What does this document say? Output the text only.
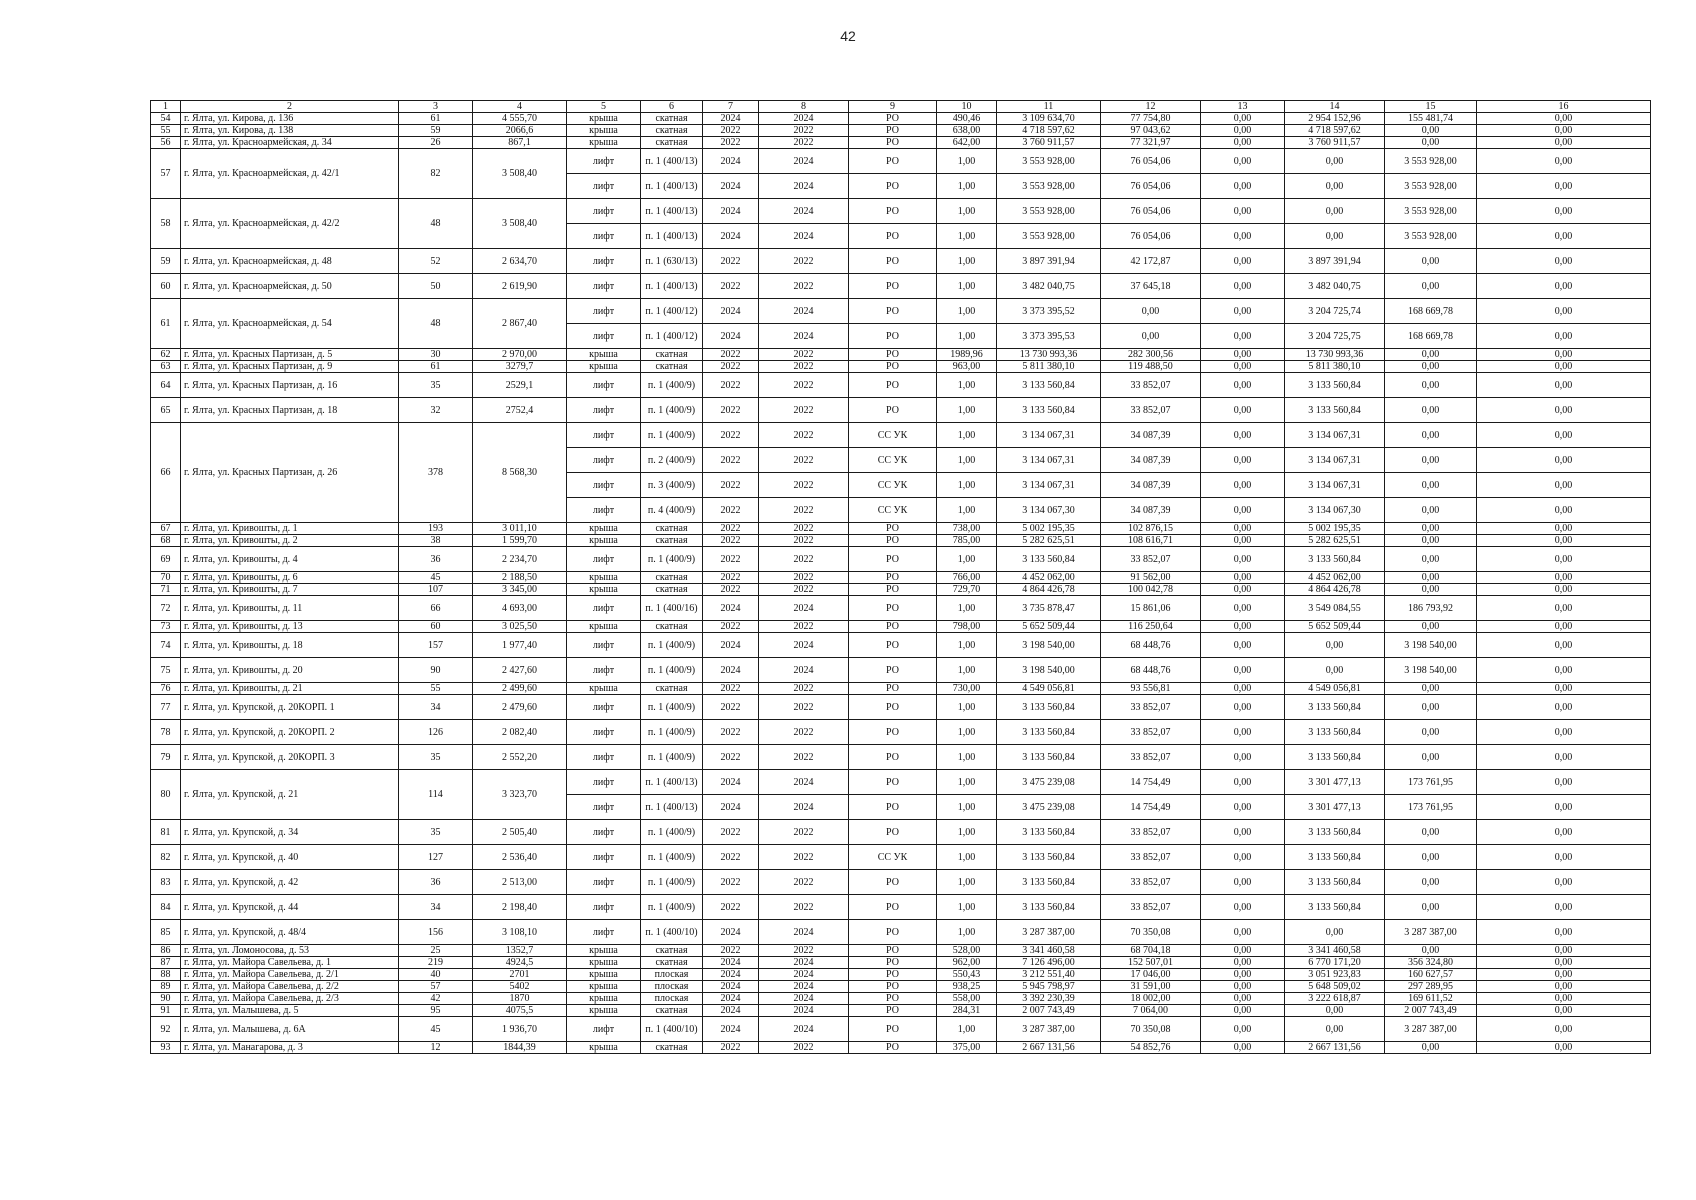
42
1	2	3	4	5	6	7	8	9	10	11	12	13	14	15	16
54	г. Ялта, ул. Кирова, д. 136	61	4 555,70	крыша	скатная	2024	2024	РО	490,46	3 109 634,70	77 754,80	0,00	2 954 152,96	155 481,74	0,00
55	г. Ялта, ул. Кирова, д. 138	59	2066,6	крыша	скатная	2022	2022	РО	638,00	4 718 597,62	97 043,62	0,00	4 718 597,62	0,00	0,00
56	г. Ялта, ул. Красноармейская, д. 34	26	867,1	крыша	скатная	2022	2022	РО	642,00	3 760 911,57	77 321,97	0,00	3 760 911,57	0,00	0,00
57	г. Ялта, ул. Красноармейская, д. 42/1	82	3 508,40	лифт	п. 1 (400/13)	2024	2024	РО	1,00	3 553 928,00	76 054,06	0,00	0,00	3 553 928,00	0,00
				лифт	п. 1 (400/13)	2024	2024	РО	1,00	3 553 928,00	76 054,06	0,00	0,00	3 553 928,00	0,00
58	г. Ялта, ул. Красноармейская, д. 42/2	48	3 508,40	лифт	п. 1 (400/13)	2024	2024	РО	1,00	3 553 928,00	76 054,06	0,00	0,00	3 553 928,00	0,00
				лифт	п. 1 (400/13)	2024	2024	РО	1,00	3 553 928,00	76 054,06	0,00	0,00	3 553 928,00	0,00
59	г. Ялта, ул. Красноармейская, д. 48	52	2 634,70	лифт	п. 1 (630/13)	2022	2022	РО	1,00	3 897 391,94	42 172,87	0,00	3 897 391,94	0,00	0,00
60	г. Ялта, ул. Красноармейская, д. 50	50	2 619,90	лифт	п. 1 (400/13)	2022	2022	РО	1,00	3 482 040,75	37 645,18	0,00	3 482 040,75	0,00	0,00
61	г. Ялта, ул. Красноармейская, д. 54	48	2 867,40	лифт	п. 1 (400/12)	2024	2024	РО	1,00	3 373 395,52	0,00	0,00	3 204 725,74	168 669,78	0,00
				лифт	п. 1 (400/12)	2024	2024	РО	1,00	3 373 395,53	0,00	0,00	3 204 725,75	168 669,78	0,00
62	г. Ялта, ул. Красных Партизан, д. 5	30	2 970,00	крыша	скатная	2022	2022	РО	1989,96	13 730 993,36	282 300,56	0,00	13 730 993,36	0,00	0,00
63	г. Ялта, ул. Красных Партизан, д. 9	61	3279,7	крыша	скатная	2022	2022	РО	963,00	5 811 380,10	119 488,50	0,00	5 811 380,10	0,00	0,00
64	г. Ялта, ул. Красных Партизан, д. 16	35	2529,1	лифт	п. 1 (400/9)	2022	2022	РО	1,00	3 133 560,84	33 852,07	0,00	3 133 560,84	0,00	0,00
65	г. Ялта, ул. Красных Партизан, д. 18	32	2752,4	лифт	п. 1 (400/9)	2022	2022	РО	1,00	3 133 560,84	33 852,07	0,00	3 133 560,84	0,00	0,00
66	г. Ялта, ул. Красных Партизан, д. 26	378	8 568,30	лифт	п. 1 (400/9)	2022	2022	СС УК	1,00	3 134 067,31	34 087,39	0,00	3 134 067,31	0,00	0,00
				лифт	п. 2 (400/9)	2022	2022	СС УК	1,00	3 134 067,31	34 087,39	0,00	3 134 067,31	0,00	0,00
				лифт	п. 3 (400/9)	2022	2022	СС УК	1,00	3 134 067,31	34 087,39	0,00	3 134 067,31	0,00	0,00
				лифт	п. 4 (400/9)	2022	2022	СС УК	1,00	3 134 067,30	34 087,39	0,00	3 134 067,30	0,00	0,00
67	г. Ялта, ул. Кривошты, д. 1	193	3 011,10	крыша	скатная	2022	2022	РО	738,00	5 002 195,35	102 876,15	0,00	5 002 195,35	0,00	0,00
68	г. Ялта, ул. Кривошты, д. 2	38	1 599,70	крыша	скатная	2022	2022	РО	785,00	5 282 625,51	108 616,71	0,00	5 282 625,51	0,00	0,00
69	г. Ялта, ул. Кривошты, д. 4	36	2 234,70	лифт	п. 1 (400/9)	2022	2022	РО	1,00	3 133 560,84	33 852,07	0,00	3 133 560,84	0,00	0,00
70	г. Ялта, ул. Кривошты, д. 6	45	2 188,50	крыша	скатная	2022	2022	РО	766,00	4 452 062,00	91 562,00	0,00	4 452 062,00	0,00	0,00
71	г. Ялта, ул. Кривошты, д. 7	107	3 345,00	крыша	скатная	2022	2022	РО	729,70	4 864 426,78	100 042,78	0,00	4 864 426,78	0,00	0,00
72	г. Ялта, ул. Кривошты, д. 11	66	4 693,00	лифт	п. 1 (400/16)	2024	2024	РО	1,00	3 735 878,47	15 861,06	0,00	3 549 084,55	186 793,92	0,00
73	г. Ялта, ул. Кривошты, д. 13	60	3 025,50	крыша	скатная	2022	2022	РО	798,00	5 652 509,44	116 250,64	0,00	5 652 509,44	0,00	0,00
74	г. Ялта, ул. Кривошты, д. 18	157	1 977,40	лифт	п. 1 (400/9)	2024	2024	РО	1,00	3 198 540,00	68 448,76	0,00	0,00	3 198 540,00	0,00
75	г. Ялта, ул. Кривошты, д. 20	90	2 427,60	лифт	п. 1 (400/9)	2024	2024	РО	1,00	3 198 540,00	68 448,76	0,00	0,00	3 198 540,00	0,00
76	г. Ялта, ул. Кривошты, д. 21	55	2 499,60	крыша	скатная	2022	2022	РО	730,00	4 549 056,81	93 556,81	0,00	4 549 056,81	0,00	0,00
77	г. Ялта, ул. Крупской, д. 20КОРП. 1	34	2 479,60	лифт	п. 1 (400/9)	2022	2022	РО	1,00	3 133 560,84	33 852,07	0,00	3 133 560,84	0,00	0,00
78	г. Ялта, ул. Крупской, д. 20КОРП. 2	126	2 082,40	лифт	п. 1 (400/9)	2022	2022	РО	1,00	3 133 560,84	33 852,07	0,00	3 133 560,84	0,00	0,00
79	г. Ялта, ул. Крупской, д. 20КОРП. 3	35	2 552,20	лифт	п. 1 (400/9)	2022	2022	РО	1,00	3 133 560,84	33 852,07	0,00	3 133 560,84	0,00	0,00
80	г. Ялта, ул. Крупской, д. 21	114	3 323,70	лифт	п. 1 (400/13)	2024	2024	РО	1,00	3 475 239,08	14 754,49	0,00	3 301 477,13	173 761,95	0,00
				лифт	п. 1 (400/13)	2024	2024	РО	1,00	3 475 239,08	14 754,49	0,00	3 301 477,13	173 761,95	0,00
81	г. Ялта, ул. Крупской, д. 34	35	2 505,40	лифт	п. 1 (400/9)	2022	2022	РО	1,00	3 133 560,84	33 852,07	0,00	3 133 560,84	0,00	0,00
82	г. Ялта, ул. Крупской, д. 40	127	2 536,40	лифт	п. 1 (400/9)	2022	2022	СС УК	1,00	3 133 560,84	33 852,07	0,00	3 133 560,84	0,00	0,00
83	г. Ялта, ул. Крупской, д. 42	36	2 513,00	лифт	п. 1 (400/9)	2022	2022	РО	1,00	3 133 560,84	33 852,07	0,00	3 133 560,84	0,00	0,00
84	г. Ялта, ул. Крупской, д. 44	34	2 198,40	лифт	п. 1 (400/9)	2022	2022	РО	1,00	3 133 560,84	33 852,07	0,00	3 133 560,84	0,00	0,00
85	г. Ялта, ул. Крупской, д. 48/4	156	3 108,10	лифт	п. 1 (400/10)	2024	2024	РО	1,00	3 287 387,00	70 350,08	0,00	0,00	3 287 387,00	0,00
86	г. Ялта, ул. Ломоносова, д. 53	25	1352,7	крыша	скатная	2022	2022	РО	528,00	3 341 460,58	68 704,18	0,00	3 341 460,58	0,00	0,00
87	г. Ялта, ул. Майора Савельева, д. 1	219	4924,5	крыша	скатная	2024	2024	РО	962,00	7 126 496,00	152 507,01	0,00	6 770 171,20	356 324,80	0,00
88	г. Ялта, ул. Майора Савельева, д. 2/1	40	2701	крыша	плоская	2024	2024	РО	550,43	3 212 551,40	17 046,00	0,00	3 051 923,83	160 627,57	0,00
89	г. Ялта, ул. Майора Савельева, д. 2/2	57	5402	крыша	плоская	2024	2024	РО	938,25	5 945 798,97	31 591,00	0,00	5 648 509,02	297 289,95	0,00
90	г. Ялта, ул. Майора Савельева, д. 2/3	42	1870	крыша	плоская	2024	2024	РО	558,00	3 392 230,39	18 002,00	0,00	3 222 618,87	169 611,52	0,00
91	г. Ялта, ул. Малышева, д. 5	95	4075,5	крыша	скатная	2024	2024	РО	284,31	2 007 743,49	7 064,00	0,00	0,00	2 007 743,49	0,00
92	г. Ялта, ул. Малышева, д. 6А	45	1 936,70	лифт	п. 1 (400/10)	2024	2024	РО	1,00	3 287 387,00	70 350,08	0,00	0,00	3 287 387,00	0,00
93	г. Ялта, ул. Манагарова, д. 3	12	1844,39	крыша	скатная	2022	2022	РО	375,00	2 667 131,56	54 852,76	0,00	2 667 131,56	0,00	0,00
